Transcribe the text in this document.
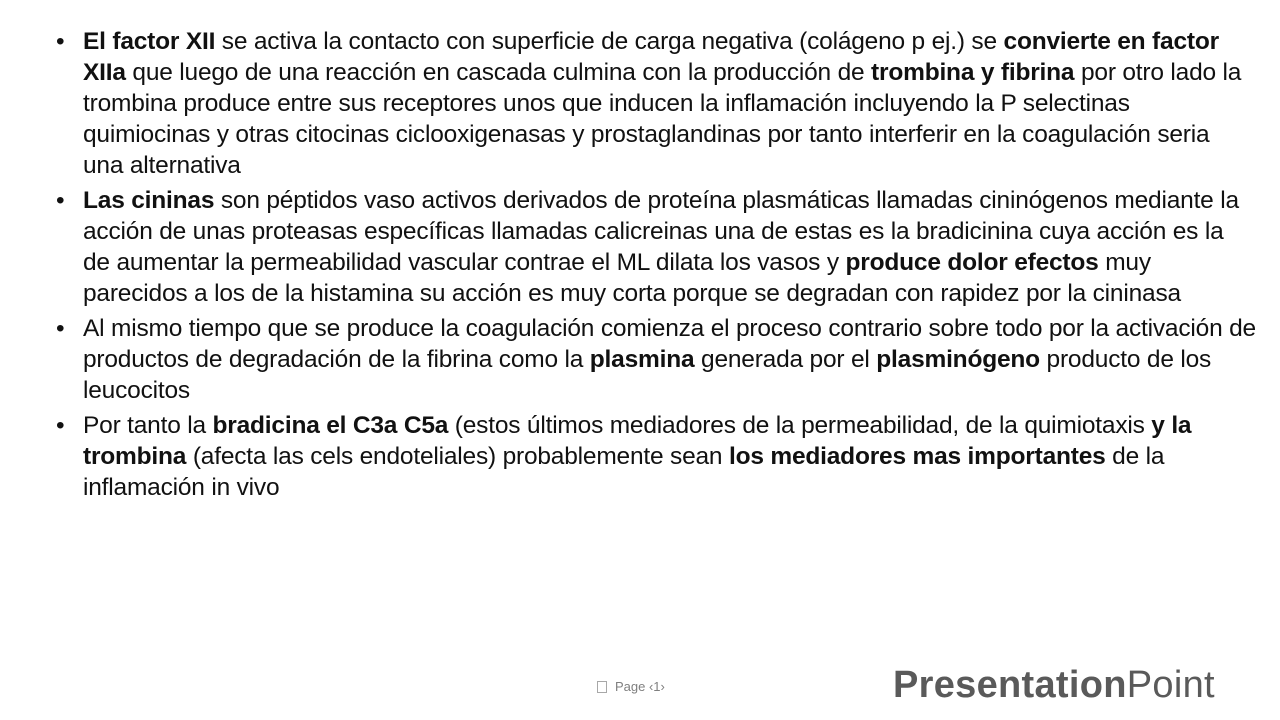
• El factor XII se activa la contacto con superficie de carga negativa (colágeno p ej.) se convierte en factor XIIa que luego de una reacción en cascada culmina con la producción de trombina y fibrina por otro lado la trombina produce entre sus receptores unos que inducen la inflamación incluyendo la P selectinas quimiocinas y otras citocinas ciclooxigenasas y prostaglandinas por tanto interferir en la coagulación seria una alternativa
• Las cininas son péptidos vaso activos derivados de proteína plasmáticas llamadas cininógenos mediante la acción de unas proteasas específicas llamadas calicreinas una de estas es la bradicinina cuya acción es la de aumentar la permeabilidad vascular contrae el ML dilata los vasos y produce dolor efectos muy parecidos a los de la histamina su acción es muy corta porque se degradan con rapidez por la cininasa
• Al mismo tiempo que se produce la coagulación comienza el proceso contrario sobre todo por la activación de productos de degradación de la fibrina como la plasmina generada por el plasminógeno producto de los leucocitos
• Por tanto la bradicina el C3a C5a (estos últimos mediadores de la permeabilidad, de la quimiotaxis y la trombina (afecta las cels endoteliales) probablemente sean los mediadores mas importantes de la inflamación in vivo
Page ‹1›	PresentationPoint
